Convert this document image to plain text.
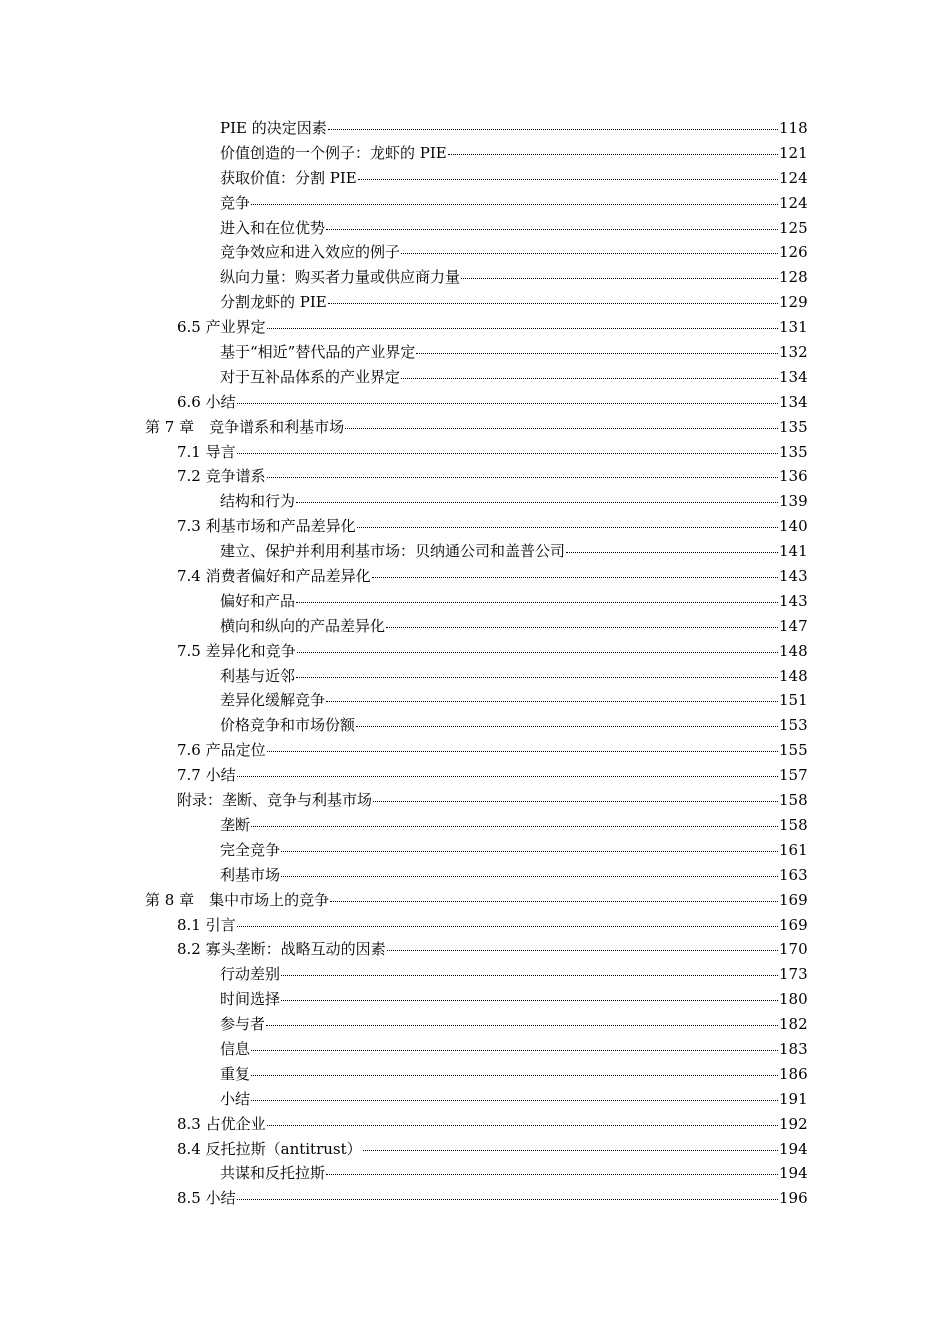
PIE 的决定因素	118
价值创造的一个例子：龙虾的 PIE	121
获取价值：分割 PIE	124
竞争	124
进入和在位优势	125
竞争效应和进入效应的例子	126
纵向力量：购买者力量或供应商力量	128
分割龙虾的 PIE	129
6.5 产业界定	131
基于“相近”替代品的产业界定	132
对于互补品体系的产业界定	134
6.6 小结	134
第 7 章　竞争谱系和利基市场	135
7.1 导言	135
7.2 竞争谱系	136
结构和行为	139
7.3 利基市场和产品差异化	140
建立、保护并利用利基市场：贝纳通公司和盖普公司	141
7.4 消费者偏好和产品差异化	143
偏好和产品	143
横向和纵向的产品差异化	147
7.5 差异化和竞争	148
利基与近邻	148
差异化缓解竞争	151
价格竞争和市场份额	153
7.6 产品定位	155
7.7 小结	157
附录：垄断、竞争与利基市场	158
垄断	158
完全竞争	161
利基市场	163
第 8 章　集中市场上的竞争	169
8.1 引言	169
8.2 寡头垄断：战略互动的因素	170
行动差别	173
时间选择	180
参与者	182
信息	183
重复	186
小结	191
8.3 占优企业	192
8.4 反托拉斯（antitrust）	194
共谋和反托拉斯	194
8.5 小结	196
